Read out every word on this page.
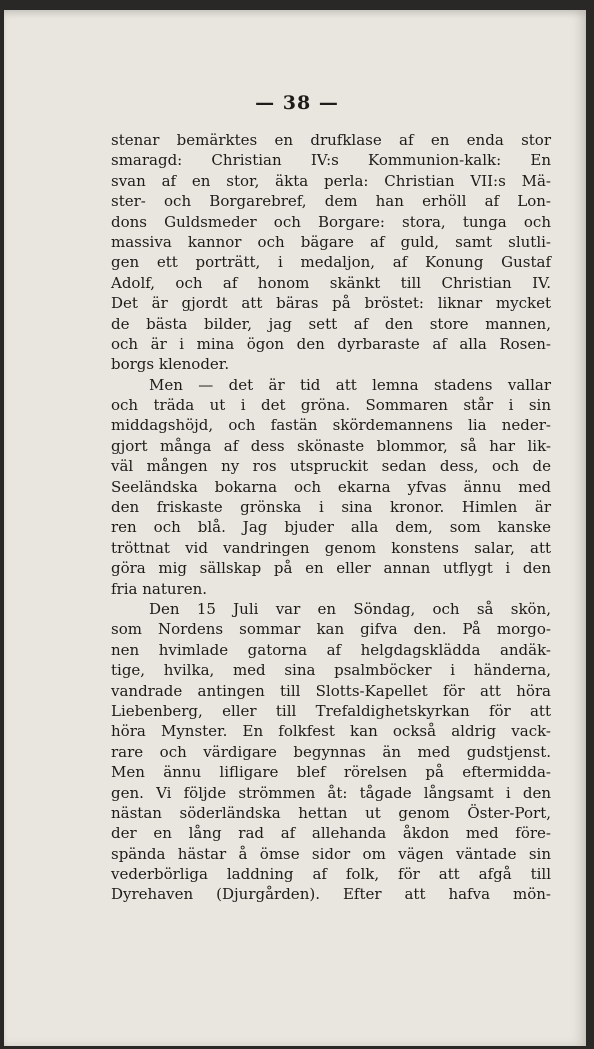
— 38 —
stenar bemärktes en drufklase af en enda stor
smaragd: Christian IV:s Kommunion-kalk: En
svan af en stor, äkta perla: Christian VII:s Mä-
ster- och Borgarebref, dem han erhöll af Lon-
dons Guldsmeder och Borgare: stora, tunga och
massiva kannor och bägare af guld, samt slutli-
gen ett porträtt, i medaljon, af Konung Gustaf
Adolf, och af honom skänkt till Christian IV.
Det är gjordt att bäras på bröstet: liknar mycket
de bästa bilder, jag sett af den store mannen,
och är i mina ögon den dyrbaraste af alla Rosen-
borgs klenoder.
Men — det är tid att lemna stadens vallar
och träda ut i det gröna. Sommaren står i sin
middagshöjd, och fastän skördemannens lia neder-
gjort många af dess skönaste blommor, så har lik-
väl mången ny ros utspruckit sedan dess, och de
Seeländska bokarna och ekarna yfvas ännu med
den friskaste grönska i sina kronor. Himlen är
ren och blå. Jag bjuder alla dem, som kanske
tröttnat vid vandringen genom konstens salar, att
göra mig sällskap på en eller annan utflygt i den
fria naturen.
Den 15 Juli var en Söndag, och så skön,
som Nordens sommar kan gifva den. På morgo-
nen hvimlade gatorna af helgdagsklädda andäk-
tige, hvilka, med sina psalmböcker i händerna,
vandrade antingen till Slotts-Kapellet för att höra
Liebenberg, eller till Trefaldighetskyrkan för att
höra Mynster. En folkfest kan också aldrig vack-
rare och värdigare begynnas än med gudstjenst.
Men ännu lifligare blef rörelsen på eftermidda-
gen. Vi följde strömmen åt: tågade långsamt i den
nästan söderländska hettan ut genom Öster-Port,
der en lång rad af allehanda åkdon med före-
spända hästar å ömse sidor om vägen väntade sin
vederbörliga laddning af folk, för att afgå till
Dyrehaven (Djurgården). Efter att hafva mön-
